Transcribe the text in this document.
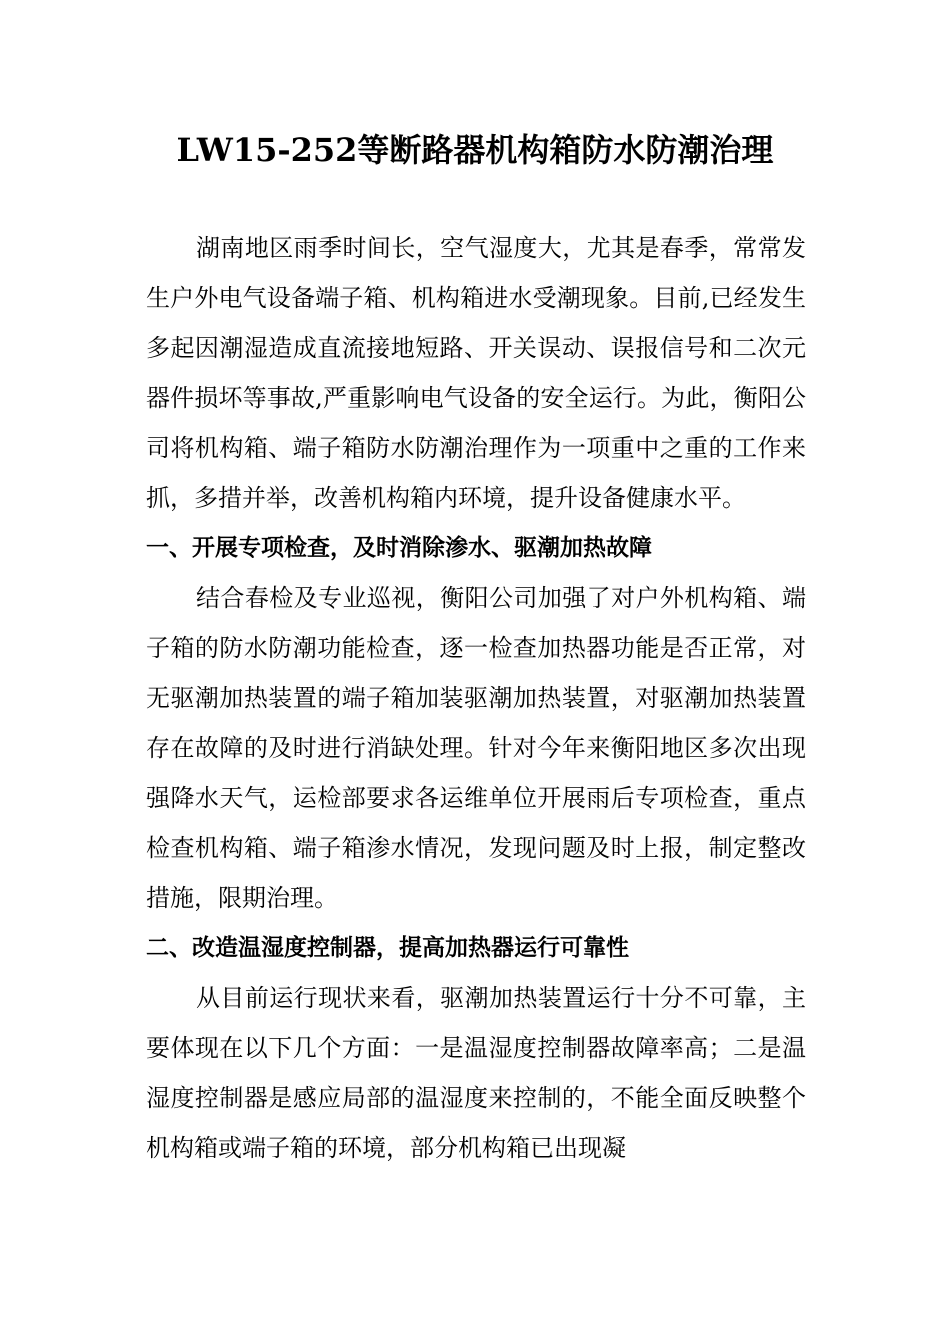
LW15-252等断路器机构箱防水防潮治理

湖南地区雨季时间长，空气湿度大，尤其是春季，常常发生户外电气设备端子箱、机构箱进水受潮现象。目前,已经发生多起因潮湿造成直流接地短路、开关误动、误报信号和二次元器件损坏等事故,严重影响电气设备的安全运行。为此，衡阳公司将机构箱、端子箱防水防潮治理作为一项重中之重的工作来抓，多措并举，改善机构箱内环境，提升设备健康水平。

一、开展专项检查，及时消除渗水、驱潮加热故障

结合春检及专业巡视，衡阳公司加强了对户外机构箱、端子箱的防水防潮功能检查，逐一检查加热器功能是否正常，对无驱潮加热装置的端子箱加装驱潮加热装置，对驱潮加热装置存在故障的及时进行消缺处理。针对今年来衡阳地区多次出现强降水天气，运检部要求各运维单位开展雨后专项检查，重点检查机构箱、端子箱渗水情况，发现问题及时上报，制定整改措施，限期治理。

二、改造温湿度控制器，提高加热器运行可靠性

从目前运行现状来看，驱潮加热装置运行十分不可靠，主要体现在以下几个方面：一是温湿度控制器故障率高；二是温湿度控制器是感应局部的温湿度来控制的，不能全面反映整个机构箱或端子箱的环境，部分机构箱已出现凝
